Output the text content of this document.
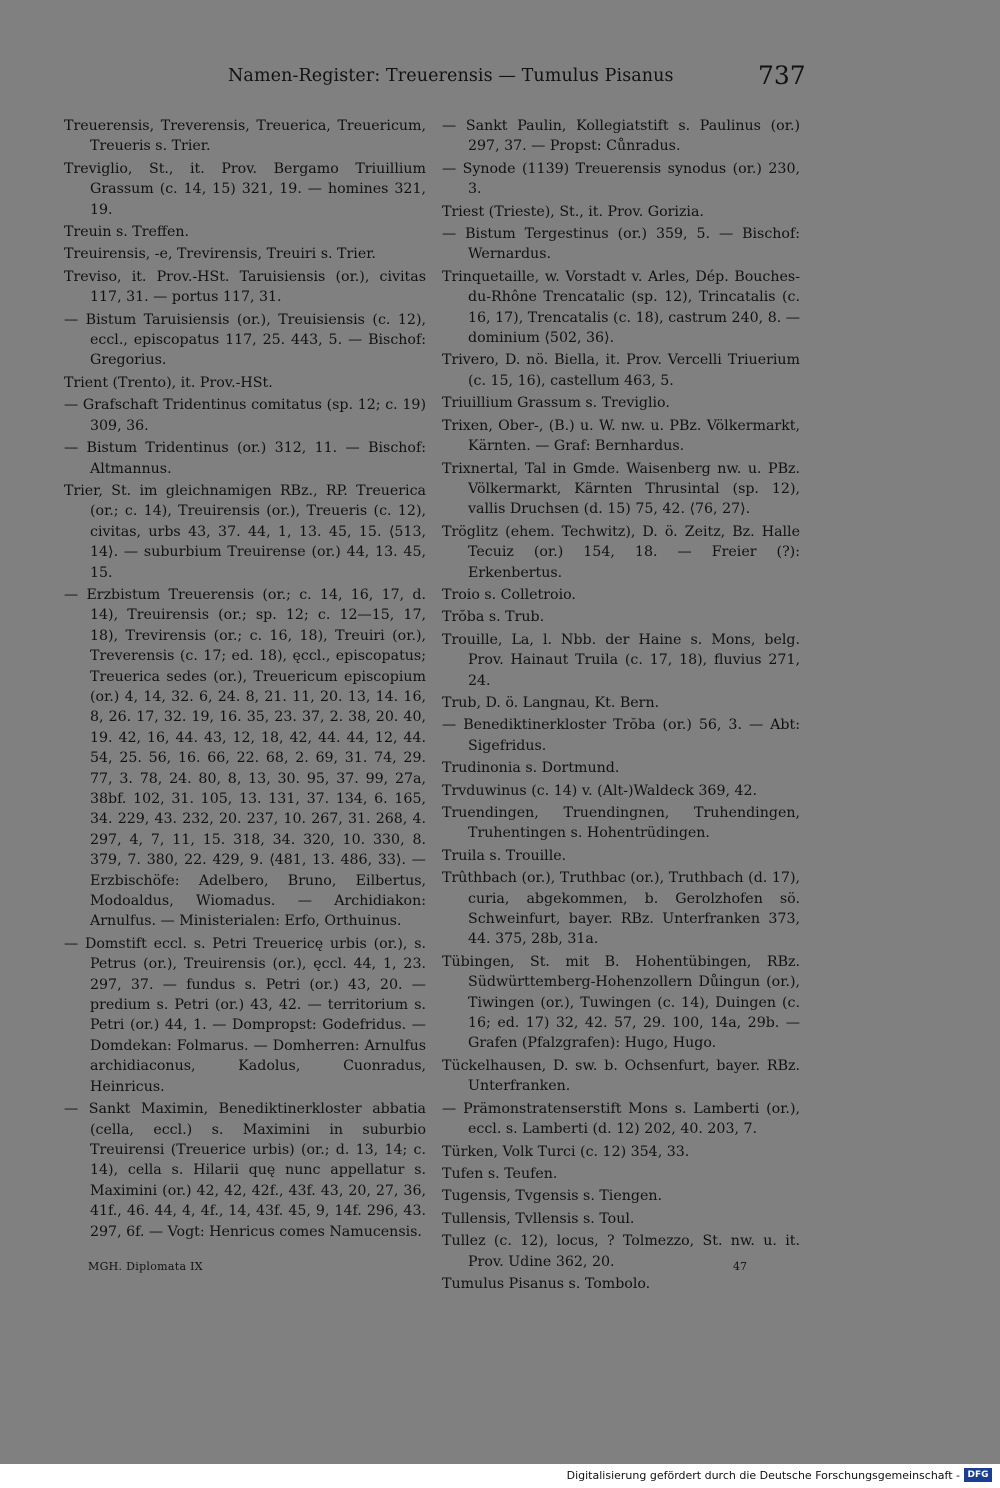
Namen-Register: Treuerensis — Tumulus Pisanus	737

Treuerensis, Treverensis, Treuerica, Treuericum, Treueris s. Trier.

Treviglio, St., it. Prov. Bergamo Triuillium Grassum (c. 14, 15) 321, 19. — homines 321, 19.

Treuin s. Treffen.

Treuirensis, -e, Trevirensis, Treuiri s. Trier.

Treviso, it. Prov.-HSt. Taruisiensis (or.), civitas 117, 31. — portus 117, 31.

— Bistum Taruisiensis (or.), Treuisiensis (c. 12), eccl., episcopatus 117, 25. 443, 5. — Bischof: Gregorius.

Trient (Trento), it. Prov.-HSt.

— Grafschaft Tridentinus comitatus (sp. 12; c. 19) 309, 36.

— Bistum Tridentinus (or.) 312, 11. — Bischof: Altmannus.

Trier, St. im gleichnamigen RBz., RP. Treuerica (or.; c. 14), Treuirensis (or.), Treueris (c. 12), civitas, urbs 43, 37. 44, 1, 13. 45, 15. ⟨513, 14⟩. — suburbium Treuirense (or.) 44, 13. 45, 15.

— Erzbistum Treuerensis (or.; c. 14, 16, 17, d. 14), Treuirensis (or.; sp. 12; c. 12—15, 17, 18), Trevirensis (or.; c. 16, 18), Treuiri (or.), Treverensis (c. 17; ed. 18), ęccl., episcopatus; Treuerica sedes (or.), Treuericum episcopium (or.) 4, 14, 32. 6, 24. 8, 21. 11, 20. 13, 14. 16, 8, 26. 17, 32. 19, 16. 35, 23. 37, 2. 38, 20. 40, 19. 42, 16, 44. 43, 12, 18, 42, 44. 44, 12, 44. 54, 25. 56, 16. 66, 22. 68, 2. 69, 31. 74, 29. 77, 3. 78, 24. 80, 8, 13, 30. 95, 37. 99, 27a, 38bf. 102, 31. 105, 13. 131, 37. 134, 6. 165, 34. 229, 43. 232, 20. 237, 10. 267, 31. 268, 4. 297, 4, 7, 11, 15. 318, 34. 320, 10. 330, 8. 379, 7. 380, 22. 429, 9. ⟨481, 13. 486, 33⟩. — Erzbischöfe: Adelbero, Bruno, Eilbertus, Modoaldus, Wiomadus. — Archidiakon: Arnulfus. — Ministerialen: Erfo, Orthuinus.

— Domstift eccl. s. Petri Treuericę urbis (or.), s. Petrus (or.), Treuirensis (or.), ęccl. 44, 1, 23. 297, 37. — fundus s. Petri (or.) 43, 20. — predium s. Petri (or.) 43, 42. — territorium s. Petri (or.) 44, 1. — Dompropst: Godefridus. — Domdekan: Folmarus. — Domherren: Arnulfus archidiaconus, Kadolus, Cuonradus, Heinricus.

— Sankt Maximin, Benediktinerkloster abbatia (cella, eccl.) s. Maximini in suburbio Treuirensi (Treuerice urbis) (or.; d. 13, 14; c. 14), cella s. Hilarii quę nunc appellatur s. Maximini (or.) 42, 42, 42f., 43f. 43, 20, 27, 36, 41f., 46. 44, 4, 4f., 14, 43f. 45, 9, 14f. 296, 43. 297, 6f. — Vogt: Henricus comes Namucensis.

— Sankt Paulin, Kollegiatstift s. Paulinus (or.) 297, 37. — Propst: Cůnradus.

— Synode (1139) Treuerensis synodus (or.) 230, 3.

Triest (Trieste), St., it. Prov. Gorizia.

— Bistum Tergestinus (or.) 359, 5. — Bischof: Wernardus.

Trinquetaille, w. Vorstadt v. Arles, Dép. Bouches-du-Rhône Trencatalic (sp. 12), Trincatalis (c. 16, 17), Trencatalis (c. 18), castrum 240, 8. — dominium ⟨502, 36⟩.

Trivero, D. nö. Biella, it. Prov. Vercelli Triuerium (c. 15, 16), castellum 463, 5.

Triuillium Grassum s. Treviglio.

Trixen, Ober-, (B.) u. W. nw. u. PBz. Völkermarkt, Kärnten. — Graf: Bernhardus.

Trixnertal, Tal in Gmde. Waisenberg nw. u. PBz. Völkermarkt, Kärnten Thrusintal (sp. 12), vallis Druchsen (d. 15) 75, 42. ⟨76, 27⟩.

Tröglitz (ehem. Techwitz), D. ö. Zeitz, Bz. Halle Tecuiz (or.) 154, 18. — Freier (?): Erkenbertus.

Troio s. Colletroio.

Trŏba s. Trub.

Trouille, La, l. Nbb. der Haine s. Mons, belg. Prov. Hainaut Truila (c. 17, 18), fluvius 271, 24.

Trub, D. ö. Langnau, Kt. Bern.

— Benediktinerkloster Trŏba (or.) 56, 3. — Abt: Sigefridus.

Trudinonia s. Dortmund.

Trvduwinus (c. 14) v. (Alt-)Waldeck 369, 42.

Truendingen, Truendingnen, Truhendingen, Truhentingen s. Hohentrüdingen.

Truila s. Trouille.

Trûthbach (or.), Truthbac (or.), Truthbach (d. 17), curia, abgekommen, b. Gerolzhofen sö. Schweinfurt, bayer. RBz. Unterfranken 373, 44. 375, 28b, 31a.

Tübingen, St. mit B. Hohentübingen, RBz. Südwürttemberg-Hohenzollern Důingun (or.), Tiwingen (or.), Tuwingen (c. 14), Duingen (c. 16; ed. 17) 32, 42. 57, 29. 100, 14a, 29b. — Grafen (Pfalzgrafen): Hugo, Hugo.

Tückelhausen, D. sw. b. Ochsenfurt, bayer. RBz. Unterfranken.

— Prämonstratenserstift Mons s. Lamberti (or.), eccl. s. Lamberti (d. 12) 202, 40. 203, 7.

Türken, Volk Turci (c. 12) 354, 33.

Tufen s. Teufen.

Tugensis, Tvgensis s. Tiengen.

Tullensis, Tvllensis s. Toul.

Tullez (c. 12), locus, ? Tolmezzo, St. nw. u. it. Prov. Udine 362, 20.

Tumulus Pisanus s. Tombolo.

MGH. Diplomata IX	47
Digitalisierung gefördert durch die Deutsche Forschungsgemeinschaft - DFG
